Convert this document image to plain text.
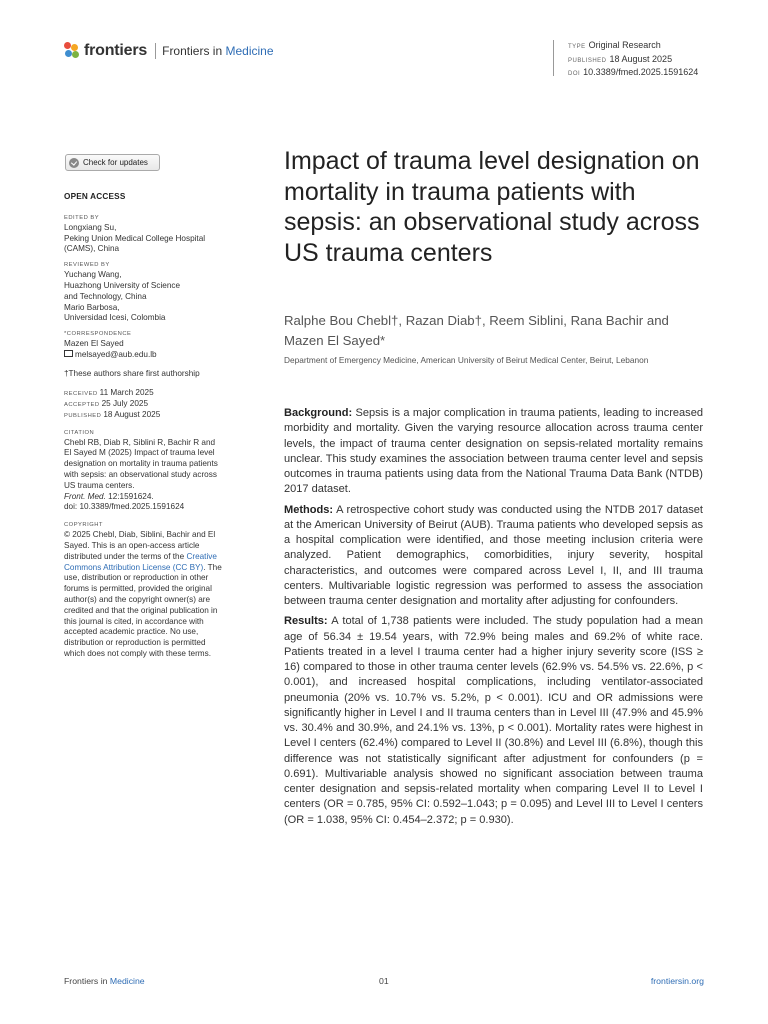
frontiers Frontiers in Medicine	TYPE Original Research
PUBLISHED 18 August 2025
DOI 10.3389/fmed.2025.1591624
Check for updates
OPEN ACCESS
EDITED BY
Longxiang Su,
Peking Union Medical College Hospital
(CAMS), China
REVIEWED BY
Yuchang Wang,
Huazhong University of Science
and Technology, China
Mario Barbosa,
Universidad Icesi, Colombia
*CORRESPONDENCE
Mazen El Sayed
melsayed@aub.edu.lb
†These authors share first authorship
RECEIVED 11 March 2025
ACCEPTED 25 July 2025
PUBLISHED 18 August 2025
CITATION
Chebl RB, Diab R, Siblini R, Bachir R and
El Sayed M (2025) Impact of trauma level
designation on mortality in trauma patients
with sepsis: an observational study across
US trauma centers.
Front. Med. 12:1591624.
doi: 10.3389/fmed.2025.1591624
COPYRIGHT
© 2025 Chebl, Diab, Siblini, Bachir and El
Sayed. This is an open-access article
distributed under the terms of the Creative
Commons Attribution License (CC BY). The
use, distribution or reproduction in other
forums is permitted, provided the original
author(s) and the copyright owner(s) are
credited and that the original publication in
this journal is cited, in accordance with
accepted academic practice. No use,
distribution or reproduction is permitted
which does not comply with these terms.
Impact of trauma level designation on mortality in trauma patients with sepsis: an observational study across US trauma centers
Ralphe Bou Chebl†, Razan Diab†, Reem Siblini, Rana Bachir and
Mazen El Sayed*
Department of Emergency Medicine, American University of Beirut Medical Center, Beirut, Lebanon

Background: Sepsis is a major complication in trauma patients, leading to increased morbidity and mortality. Given the varying resource allocation across trauma center levels, the impact of trauma center designation on sepsis-related mortality remains unclear. This study examines the association between trauma center level and sepsis outcomes in trauma patients using data from the National Trauma Data Bank (NTDB) 2017 dataset.

Methods: A retrospective cohort study was conducted using the NTDB 2017 dataset at the American University of Beirut (AUB). Trauma patients who developed sepsis as a hospital complication were identified, and those meeting inclusion criteria were analyzed. Patient demographics, comorbidities, injury severity, hospital characteristics, and outcomes were compared across Level I, II, and III trauma centers. Multivariable logistic regression was performed to assess the association between trauma center designation and mortality after adjusting for confounders.

Results: A total of 1,738 patients were included. The study population had a mean age of 56.34 ± 19.54 years, with 72.9% being males and 69.2% of white race. Patients treated in a level I trauma center had a higher injury severity score (ISS ≥ 16) compared to those in other trauma center levels (62.9% vs. 54.5% vs. 22.6%, p < 0.001), and increased hospital complications, including ventilator-associated pneumonia (20% vs. 10.7% vs. 5.2%, p < 0.001). ICU and OR admissions were significantly higher in Level I and II trauma centers than in Level III (47.9% and 45.9% vs. 30.4% and 30.9%, and 24.1% vs. 13%, p < 0.001). Mortality rates were highest in Level I centers (62.4%) compared to Level II (30.8%) and Level III (6.8%), though this difference was not statistically significant after adjustment for confounders (p = 0.691). Multivariable analysis showed no significant association between trauma center designation and sepsis-related mortality when comparing Level II to Level I centers (OR = 0.785, 95% CI: 0.592–1.043; p = 0.095) and Level III to Level I centers (OR = 1.038, 95% CI: 0.454–2.372; p = 0.930).

Frontiers in Medicine	01	frontiersin.org
